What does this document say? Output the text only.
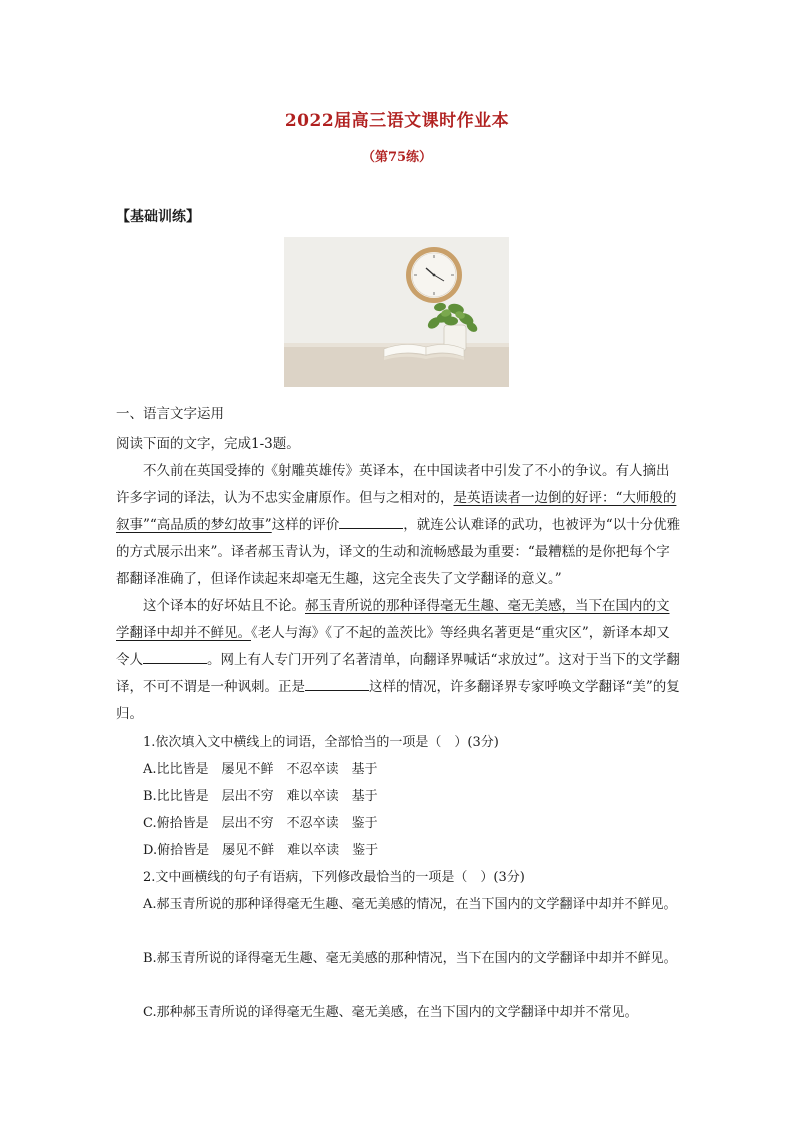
2022届高三语文课时作业本
（第75练）
【基础训练】
一、语言文字运用
阅读下面的文字，完成1-3题。
不久前在英国受捧的《射雕英雄传》英译本，在中国读者中引发了不小的争议。有人摘出许多字词的译法，认为不忠实金庸原作。但与之相对的，是英语读者一边倒的好评：“大师般的叙事”“高品质的梦幻故事”这样的评价	，就连公认难译的武功，也被评为“以十分优雅的方式展示出来”。译者郝玉青认为，译文的生动和流畅感最为重要：“最糟糕的是你把每个字都翻译准确了，但译作读起来却毫无生趣，这完全丧失了文学翻译的意义。”
这个译本的好坏姑且不论。郝玉青所说的那种译得毫无生趣、毫无美感，当下在国内的文学翻译中却并不鲜见。《老人与海》《了不起的盖茨比》等经典名著更是“重灾区”，新译本却又令人	。网上有人专门开列了名著清单，向翻译界喊话“求放过”。这对于当下的文学翻译，不可不谓是一种讽刺。正是	这样的情况，许多翻译界专家呼唤文学翻译“美”的复归。
1.依次填入文中横线上的词语，全部恰当的一项是（　）(3分)
A.比比皆是　屡见不鲜　不忍卒读　基于
B.比比皆是　层出不穷　难以卒读　基于
C.俯拾皆是　层出不穷　不忍卒读　鉴于
D.俯拾皆是　屡见不鲜　难以卒读　鉴于
2.文中画横线的句子有语病，下列修改最恰当的一项是（　）(3分)
A.郝玉青所说的那种译得毫无生趣、毫无美感的情况，在当下国内的文学翻译中却并不鲜见。
B.郝玉青所说的译得毫无生趣、毫无美感的那种情况，当下在国内的文学翻译中却并不鲜见。
C.那种郝玉青所说的译得毫无生趣、毫无美感，在当下国内的文学翻译中却并不常见。
